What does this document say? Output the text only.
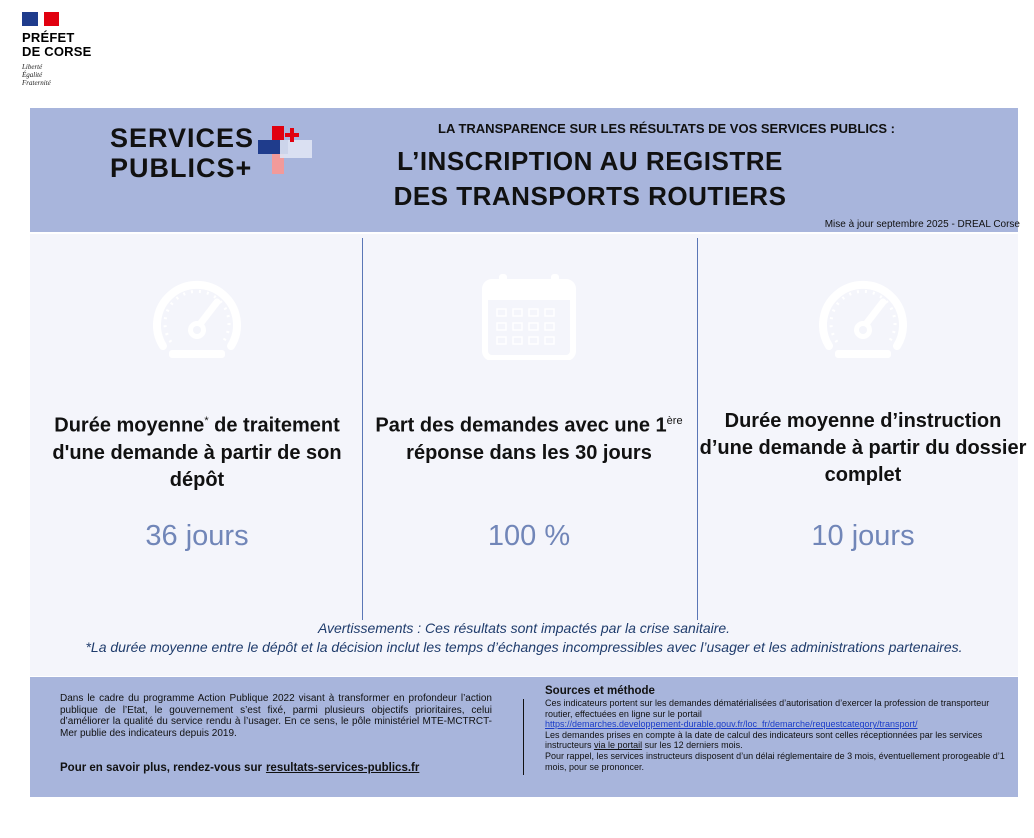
PRÉFET
DE CORSE
Liberté
Égalité
Fraternité
SERVICES
PUBLICS+
LA TRANSPARENCE SUR LES RÉSULTATS DE VOS SERVICES PUBLICS :
L’INSCRIPTION AU REGISTRE
DES TRANSPORTS ROUTIERS
Mise à jour septembre 2025 - DREAL Corse
Durée moyenne* de traitement d'une demande à partir de son dépôt
36 jours
Part des demandes avec une 1ère réponse dans les 30 jours
100 %
Durée moyenne d’instruction d’une demande à partir du dossier complet
10 jours
Avertissements : Ces résultats sont impactés par la crise sanitaire.
*La durée moyenne entre le dépôt et la décision inclut les temps d’échanges incompressibles avec l’usager et les administrations partenaires.
Dans le cadre du programme Action Publique 2022 visant à transformer en profondeur l’action publique de l’Etat, le gouvernement s’est fixé, parmi plusieurs objectifs prioritaires, celui d’améliorer la qualité du service rendu à l’usager. En ce sens, le pôle ministériel MTE-MCTRCT-Mer publie des indicateurs depuis 2019.
Pour en savoir plus, rendez-vous sur resultats-services-publics.fr
Sources et méthode
Ces indicateurs portent sur les demandes dématérialisées d’autorisation d’exercer la profession de transporteur routier, effectuées en ligne sur le portail
https://demarches.developpement-durable.gouv.fr/loc_fr/demarche/requestcategory/transport/
Les demandes prises en compte à la date de calcul des indicateurs sont celles réceptionnées par les services instructeurs via le portail sur les 12 derniers mois.
Pour rappel, les services instructeurs disposent d’un délai réglementaire de 3 mois, éventuellement prorogeable d’1 mois, pour se prononcer.
